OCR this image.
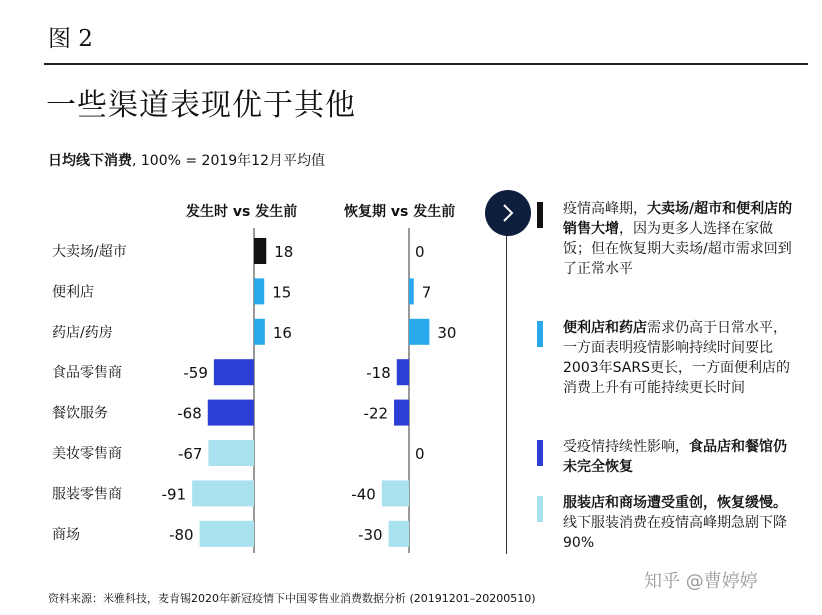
图 2
一些渠道表现优于其他
日均线下消费, 100% = 2019年12月平均值
发生时 vs 发生前	恢复期 vs 发生前
大卖场/超市
便利店
药店/药房
食品零售商
餐饮服务
美妆零售商
服装零售商
商场
18
15
16
-59
-68
-67
-91
-80
0
7
30
-18
-22
0
-40
-30
疫情高峰期，大卖场/超市和便利店的销售大增，因为更多人选择在家做饭；但在恢复期大卖场/超市需求回到了正常水平
便利店和药店需求仍高于日常水平，一方面表明疫情影响持续时间要比2003年SARS更长，一方面便利店的消费上升有可能持续更长时间
受疫情持续性影响，食品店和餐馆仍未完全恢复
服装店和商场遭受重创，恢复缓慢。线下服装消费在疫情高峰期急剧下降90%
资料来源：米雅科技，麦肯锡2020年新冠疫情下中国零售业消费数据分析 (20191201–20200510)
知乎 @曹婷婷
